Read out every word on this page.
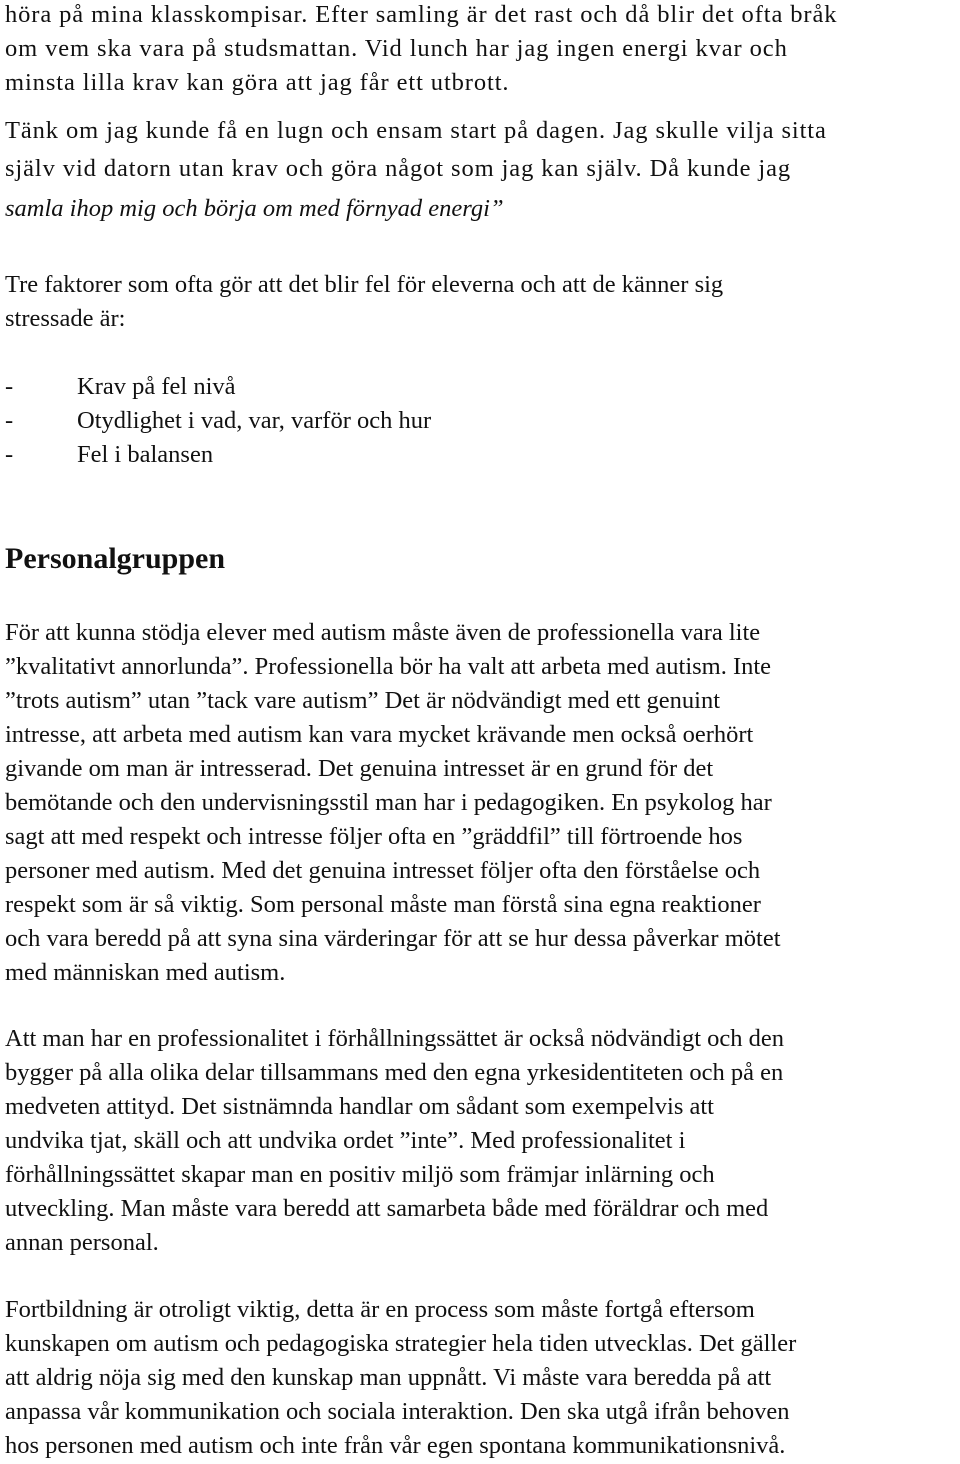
höra på mina klasskompisar. Efter samling är det rast och då blir det ofta bråk
om vem ska vara på studsmattan. Vid lunch har jag ingen energi kvar och
minsta lilla krav kan göra att jag får ett utbrott.
Tänk om jag kunde få en lugn och ensam start på dagen. Jag skulle vilja sitta
själv vid datorn utan krav och göra något som jag kan själv. Då kunde jag
samla ihop mig och börja om med förnyad energi”
Tre faktorer som ofta gör att det blir fel för eleverna och att de känner sig
stressade är:
-	Krav på fel nivå
-	Otydlighet i vad, var, varför och hur
-	Fel i balansen
Personalgruppen
För att kunna stödja elever med autism måste även de professionella vara lite
”kvalitativt annorlunda”. Professionella bör ha valt att arbeta med autism. Inte
”trots autism” utan ”tack vare autism” Det är nödvändigt med ett genuint
intresse, att arbeta med autism kan vara mycket krävande men också oerhört
givande om man är intresserad. Det genuina intresset är en grund för det
bemötande och den undervisningsstil man har i pedagogiken. En psykolog har
sagt att med respekt och intresse följer ofta en ”gräddfil” till förtroende hos
personer med autism. Med det genuina intresset följer ofta den förståelse och
respekt som är så viktig. Som personal måste man förstå sina egna reaktioner
och vara beredd på att syna sina värderingar för att se hur dessa påverkar mötet
med människan med autism.
Att man har en professionalitet i förhållningssättet är också nödvändigt och den
bygger på alla olika delar tillsammans med den egna yrkesidentiteten och på en
medveten attityd. Det sistnämnda handlar om sådant som exempelvis att
undvika tjat, skäll och att undvika ordet ”inte”. Med professionalitet i
förhållningssättet skapar man en positiv miljö som främjar inlärning och
utveckling. Man måste vara beredd att samarbeta både med föräldrar och med
annan personal.
Fortbildning är otroligt viktig, detta är en process som måste fortgå eftersom
kunskapen om autism och pedagogiska strategier hela tiden utvecklas. Det gäller
att aldrig nöja sig med den kunskap man uppnått. Vi måste vara beredda på att
anpassa vår kommunikation och sociala interaktion. Den ska utgå ifrån behoven
hos personen med autism och inte från vår egen spontana kommunikationsnivå.
